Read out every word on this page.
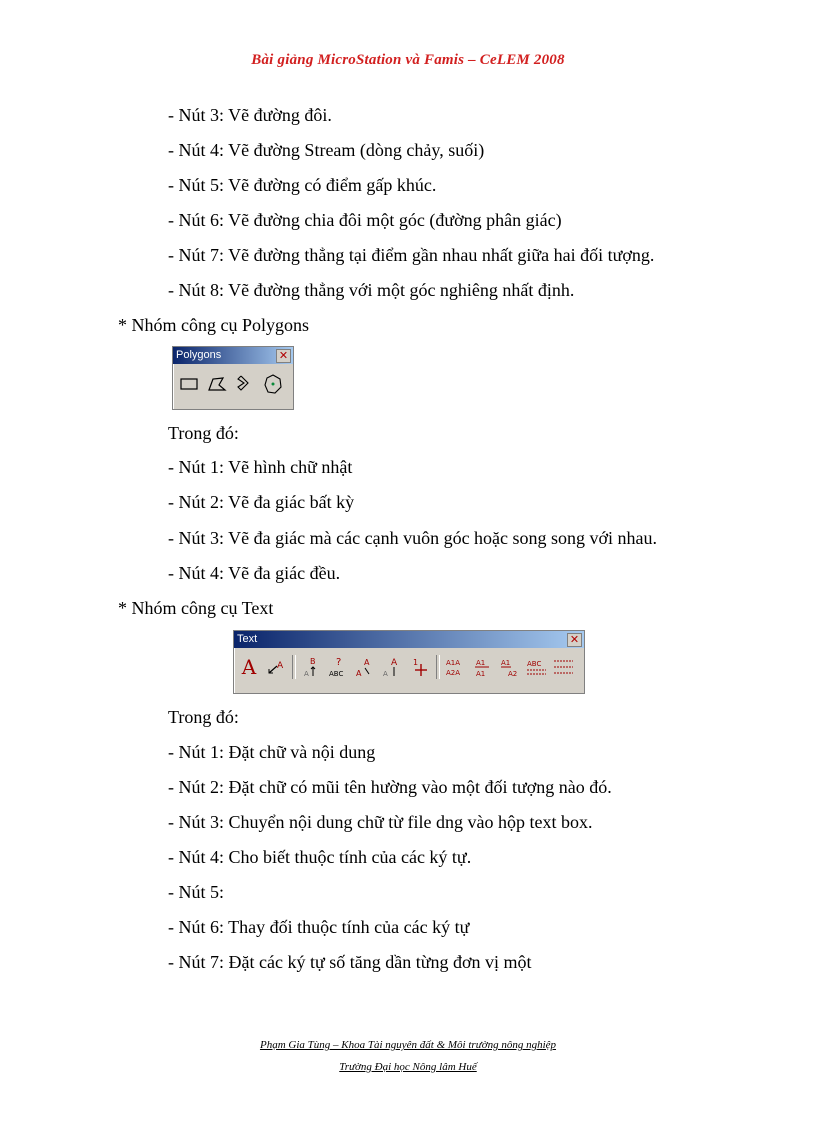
Bài giảng MicroStation và Famis – CeLEM 2008
- Nút 3: Vẽ đường đôi.
- Nút 4: Vẽ đường Stream (dòng chảy, suối)
- Nút 5: Vẽ đường có điểm gấp khúc.
- Nút 6: Vẽ đường chia đôi một góc (đường phân giác)
- Nút 7: Vẽ đường thẳng tại điểm gần nhau nhất giữa hai đối tượng.
- Nút 8: Vẽ đường thẳng với một góc nghiêng nhất định.
* Nhóm công cụ Polygons
Polygons	✕
Trong đó:
- Nút 1: Vẽ hình chữ nhật
- Nút 2: Vẽ đa giác bất kỳ
- Nút 3: Vẽ đa giác mà các cạnh vuôn góc hoặc song song với nhau.
- Nút 4: Vẽ đa giác đều.
* Nhóm công cụ Text
Text	✕
A A	B
A
?
ABC
A
A
A
A
1	A1A
A2A
A1
A1
A1
A2
ABC
Trong đó:
- Nút 1: Đặt chữ và nội dung
- Nút 2: Đặt chữ có mũi tên hường vào một đối tượng nào đó.
- Nút 3: Chuyển nội dung chữ từ file dng vào hộp text box.
- Nút 4: Cho biết thuộc tính của các ký tự.
- Nút 5:
- Nút 6: Thay đối thuộc tính của các ký tự
- Nút 7: Đặt các ký tự số tăng dần từng đơn vị một
Phạm Gia Tùng – Khoa Tài nguyên đất & Môi trường nông nghiệp
Trường Đại học Nông lâm Huế
